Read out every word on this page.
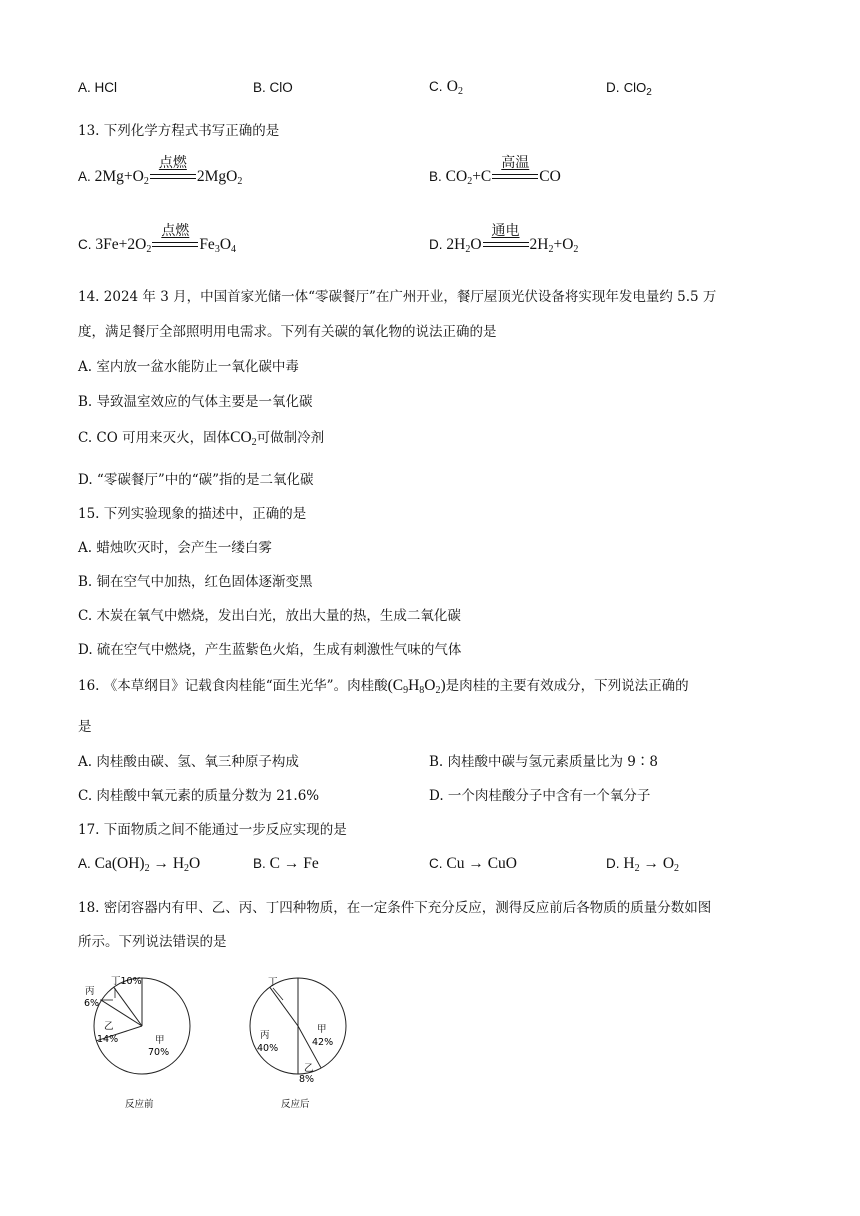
A. HCl	B. ClO	C. $O_2$	D. ClO$_2$
13. 下列化学方程式书写正确的是
A. $2Mg+O_2$
点燃
2MgO$_2$	B. $CO_2+C$
高温
CO
C. $3Fe+2O_2$
点燃
$Fe_3O_4$	D. $2H_2O$
通电
$2H_2+O_2$
14. 2024 年 3 月，中国首家光储一体“零碳餐厅”在广州开业，餐厅屋顶光伏设备将实现年发电量约 5.5 万
度，满足餐厅全部照明用电需求。下列有关碳的氧化物的说法正确的是
A. 室内放一盆水能防止一氧化碳中毒
B. 导致温室效应的气体主要是一氧化碳
C. CO 可用来灭火，固体$CO_2$可做制冷剂
D. “零碳餐厅”中的“碳”指的是二氧化碳
15. 下列实验现象的描述中，正确的是
A. 蜡烛吹灭时，会产生一缕白雾
B. 铜在空气中加热，红色固体逐渐变黑
C. 木炭在氧气中燃烧，发出白光，放出大量的热，生成二氧化碳
D. 硫在空气中燃烧，产生蓝紫色火焰，生成有刺激性气味的气体
16. 《本草纲目》记载食肉桂能“面生光华”。肉桂酸$(C_9H_8O_2)$是肉桂的主要有效成分，下列说法正确的
是
A. 肉桂酸由碳、氢、氧三种原子构成	B. 肉桂酸中碳与氢元素质量比为 9∶8
C. 肉桂酸中氧元素的质量分数为 21.6%	D. 一个肉桂酸分子中含有一个氧分子
17. 下面物质之间不能通过一步反应实现的是
A. $Ca(OH)_2 \to H_2O$	B. C → Fe	C. Cu → CuO	D. $H_2 \to O_2$
18. 密闭容器内有甲、乙、丙、丁四种物质，在一定条件下充分反应，测得反应前后各物质的质量分数如图
所示。下列说法错误的是
甲
70%
乙
14%
丙
6%
丁10%
反应前
甲
42%
丙
40%
乙
8%
丁
反应后
